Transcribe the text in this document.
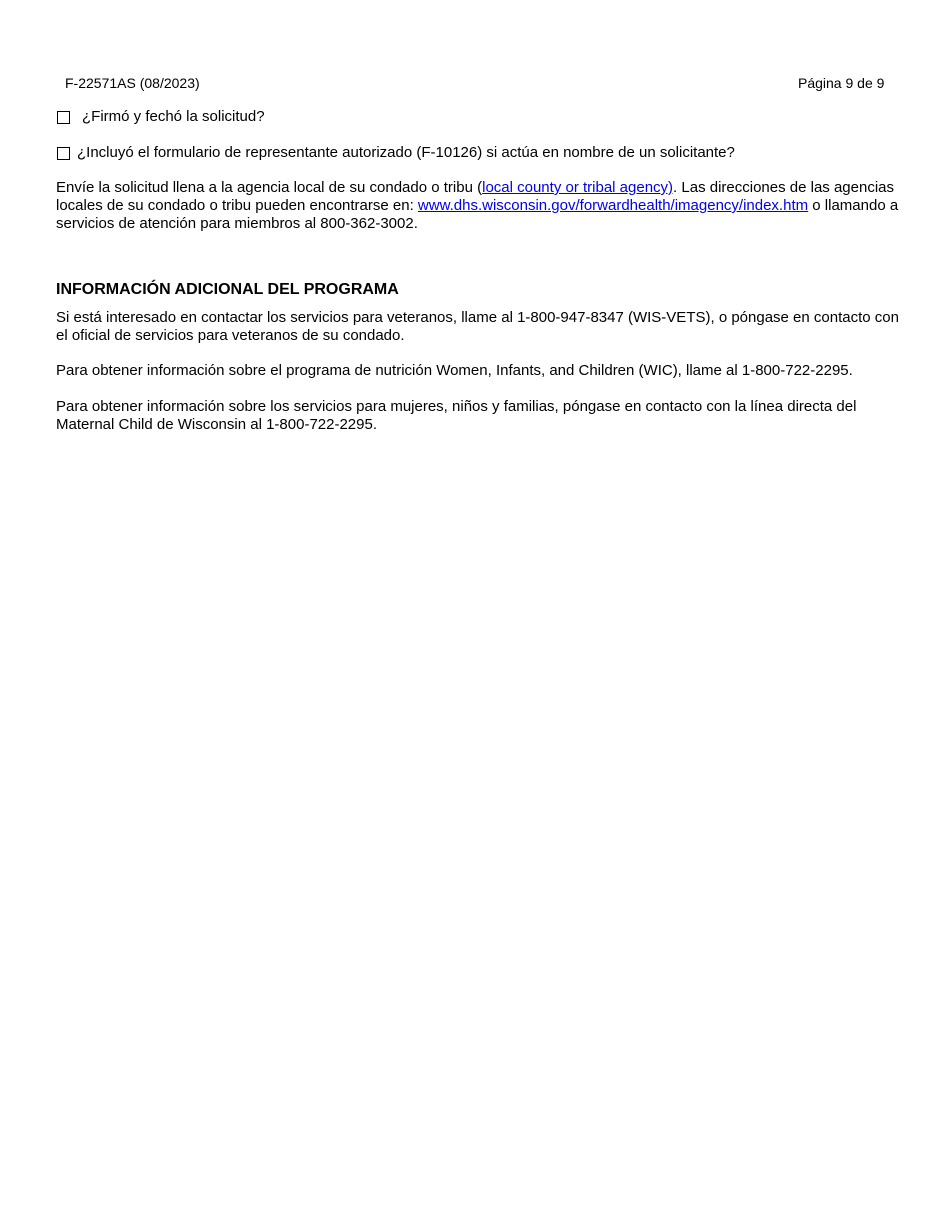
F-22571AS (08/2023)	Página 9 de 9
¿Firmó y fechó la solicitud?
¿Incluyó el formulario de representante autorizado (F-10126) si actúa en nombre de un solicitante?

Envíe la solicitud llena a la agencia local de su condado o tribu (local county or tribal agency). Las direcciones de las agencias locales de su condado o tribu pueden encontrarse en: www.dhs.wisconsin.gov/forwardhealth/imagency/index.htm o llamando a servicios de atención para miembros al 800-362-3002.

INFORMACIÓN ADICIONAL DEL PROGRAMA

Si está interesado en contactar los servicios para veteranos, llame al 1-800-947-8347 (WIS-VETS), o póngase en contacto con el oficial de servicios para veteranos de su condado.

Para obtener información sobre el programa de nutrición Women, Infants, and Children (WIC), llame al 1-800-722-2295.

Para obtener información sobre los servicios para mujeres, niños y familias, póngase en contacto con la línea directa del Maternal Child de Wisconsin al 1-800-722-2295.
